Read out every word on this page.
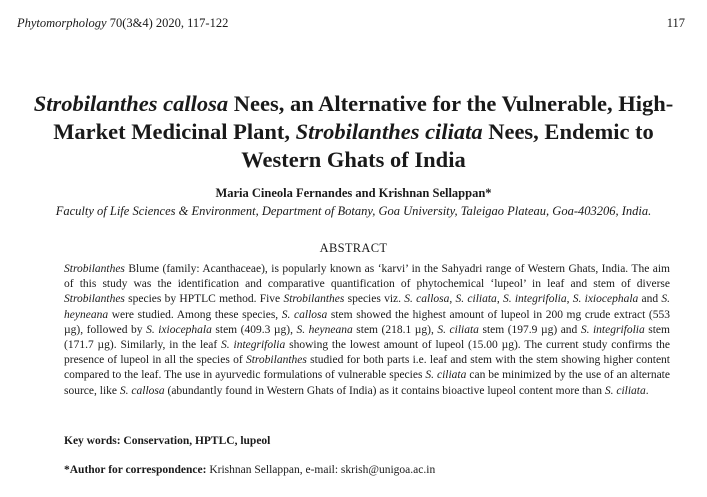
Phytomorphology 70(3&4) 2020, 117-122	117
Strobilanthes callosa Nees, an Alternative for the Vulnerable, High-Market Medicinal Plant, Strobilanthes ciliata Nees, Endemic to Western Ghats of India
Maria Cineola Fernandes and Krishnan Sellappan*
Faculty of Life Sciences & Environment, Department of Botany, Goa University, Taleigao Plateau, Goa-403206, India.
ABSTRACT

Strobilanthes Blume (family: Acanthaceae), is popularly known as ‘karvi’ in the Sahyadri range of Western Ghats, India. The aim of this study was the identification and comparative quantification of phytochemical ‘lupeol’ in leaf and stem of diverse Strobilanthes species by HPTLC method. Five Strobilanthes species viz. S. callosa, S. ciliata, S. integrifolia, S. ixiocephala and S. heyneana were studied. Among these species, S. callosa stem showed the highest amount of lupeol in 200 mg crude extract (553 µg), followed by S. ixiocephala stem (409.3 µg), S. heyneana stem (218.1 µg), S. ciliata stem (197.9 µg) and S. integrifolia stem (171.7 µg). Similarly, in the leaf S. integrifolia showing the lowest amount of lupeol (15.00 µg). The current study confirms the presence of lupeol in all the species of Strobilanthes studied for both parts i.e. leaf and stem with the stem showing higher content compared to the leaf. The use in ayurvedic formulations of vulnerable species S. ciliata can be minimized by the use of an alternate source, like S. callosa (abundantly found in Western Ghats of India) as it contains bioactive lupeol content more than S. ciliata.

Key words: Conservation, HPTLC, lupeol
*Author for correspondence: Krishnan Sellappan, e-mail: skrish@unigoa.ac.in
